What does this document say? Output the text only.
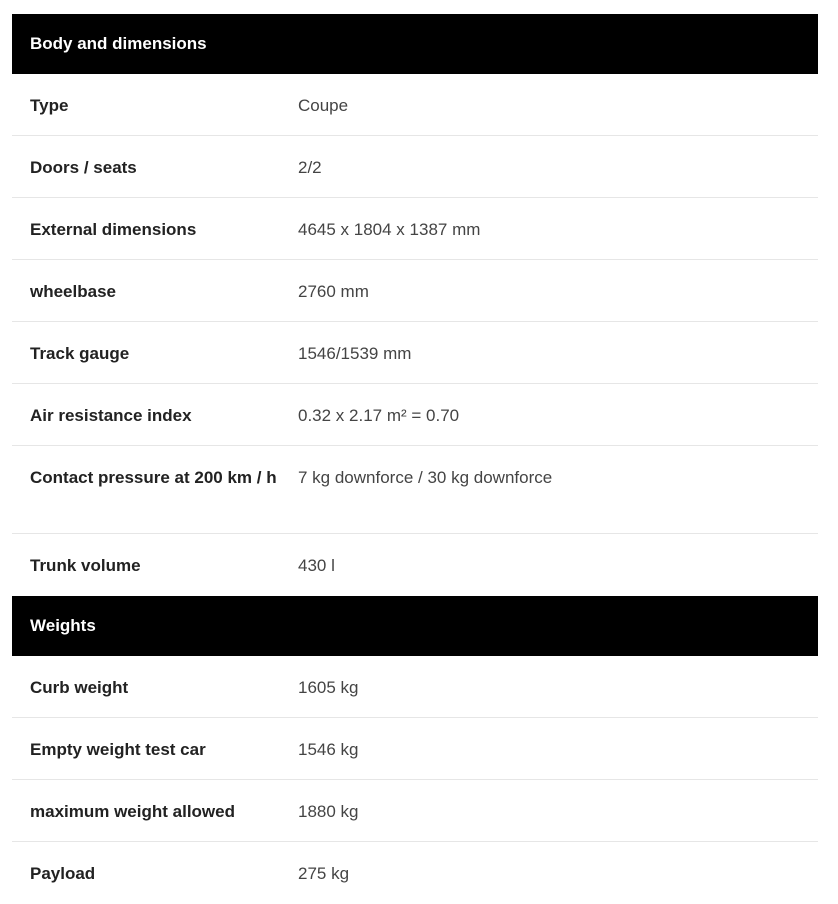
Body and dimensions
Type	Coupe
Doors / seats	2/2
External dimensions	4645 x 1804 x 1387 mm
wheelbase	2760 mm
Track gauge	1546/1539 mm
Air resistance index	0.32 x 2.17 m² = 0.70
Contact pressure at 200 km / h	7 kg downforce / 30 kg downforce
Trunk volume	430 l
Weights
Curb weight	1605 kg
Empty weight test car	1546 kg
maximum weight allowed	1880 kg
Payload	275 kg
